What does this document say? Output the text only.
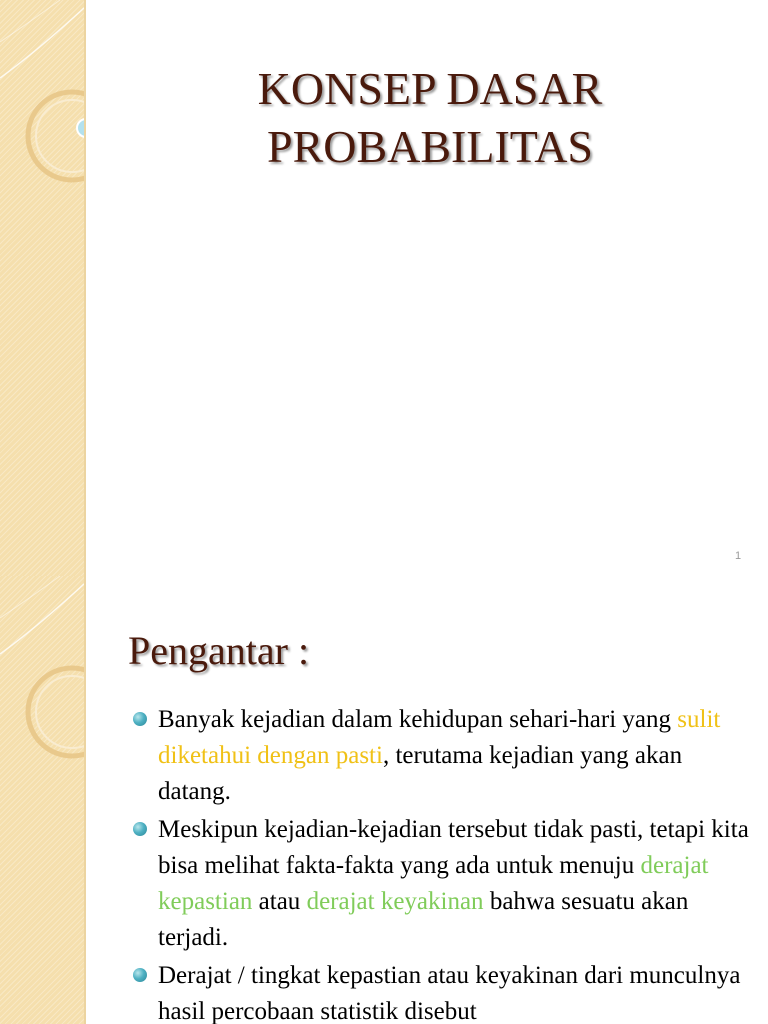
KONSEP DASAR
PROBABILITAS
1
Pengantar :
Banyak kejadian dalam kehidupan sehari-hari yang sulit diketahui dengan pasti, terutama kejadian yang akan datang.
Meskipun kejadian-kejadian tersebut tidak pasti, tetapi kita bisa melihat fakta-fakta yang ada untuk menuju derajat kepastian atau derajat keyakinan bahwa sesuatu akan terjadi.
Derajat / tingkat kepastian atau keyakinan dari munculnya hasil percobaan statistik disebut
